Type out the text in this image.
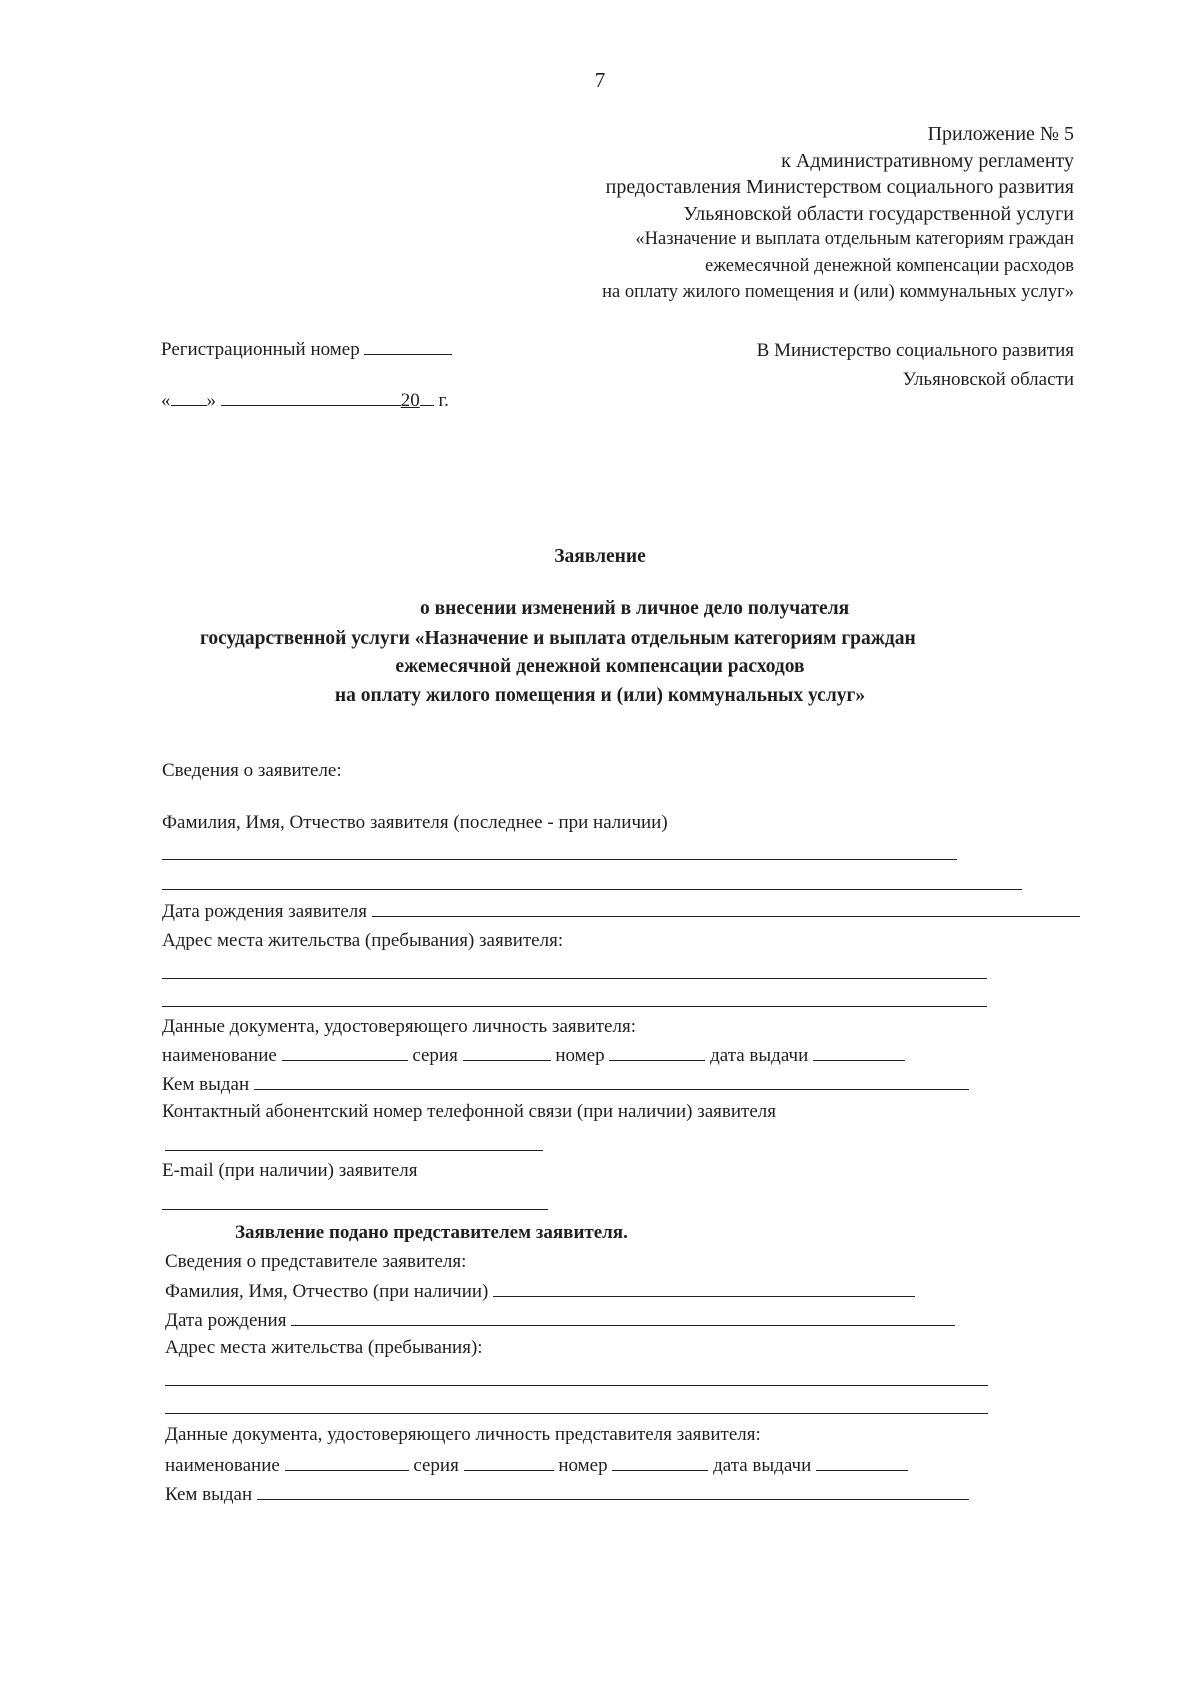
7
Приложение № 5
к Административному регламенту
предоставления Министерством социального развития
Ульяновской области государственной услуги
«Назначение и выплата отдельным категориям граждан
ежемесячной денежной компенсации расходов
на оплату жилого помещения и (или) коммунальных услуг»
Регистрационный номер
« »	20 г.
В Министерство социального развития
Ульяновской области
Заявление
о внесении изменений в личное дело получателя
государственной услуги «Назначение и выплата отдельным категориям граждан
ежемесячной денежной компенсации расходов
на оплату жилого помещения и (или) коммунальных услуг»
Сведения о заявителе:
Фамилия, Имя, Отчество заявителя (последнее - при наличии)
Дата рождения заявителя
Адрес места жительства (пребывания) заявителя:
Данные документа, удостоверяющего личность заявителя:
наименование	серия	номер	дата выдачи
Кем выдан
Контактный абонентский номер телефонной связи (при наличии) заявителя
E-mail (при наличии) заявителя
Заявление подано представителем заявителя.
Сведения о представителе заявителя:
Фамилия, Имя, Отчество (при наличии)
Дата рождения
Адрес места жительства (пребывания):
Данные документа, удостоверяющего личность представителя заявителя:
наименование	серия	номер	дата выдачи
Кем выдан
